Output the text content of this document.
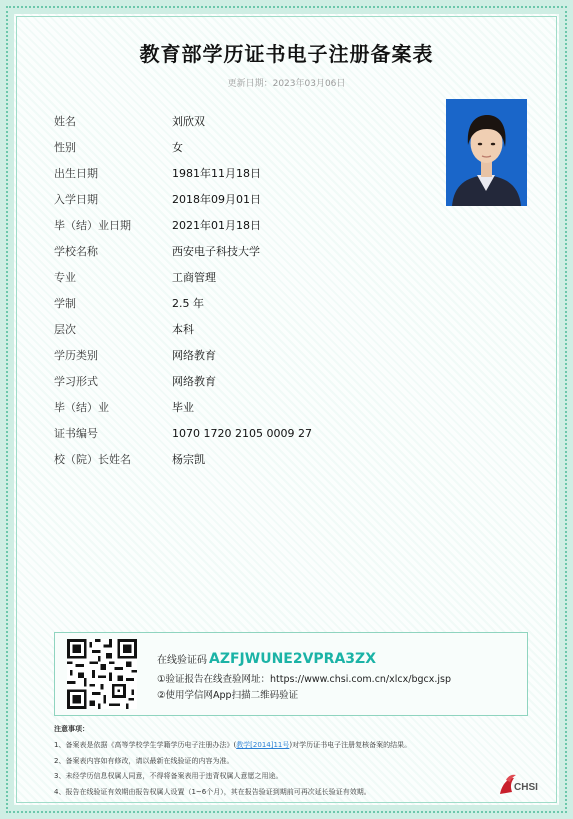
教育部学历证书电子注册备案表
更新日期：2023年03月06日
姓名	刘欣双
性别	女
出生日期	1981年11月18日
入学日期	2018年09月01日
毕（结）业日期	2021年01月18日
学校名称	西安电子科技大学
专业	工商管理
学制	2.5 年
层次	本科
学历类别	网络教育
学习形式	网络教育
毕（结）业	毕业
证书编号	1070 1720 2105 0009 27
校（院）长姓名	杨宗凯
在线验证码 AZFJWUNE2VPRA3ZX
①验证报告在线查验网址：https://www.chsi.com.cn/xlcx/bgcx.jsp
②使用学信网App扫描二维码验证
注意事项：
1、备案表是依据《高等学校学生学籍学历电子注册办法》(教学[2014]11号)对学历证书电子注册复核备案的结果。
2、备案表内容如有修改，请以最新在线验证的内容为准。
3、未经学历信息权属人同意，不得将备案表用于违背权属人意愿之用途。
4、报告在线验证有效期由报告权属人设置（1~6个月），其在报告验证到期前可再次延长验证有效期。	CHSI
